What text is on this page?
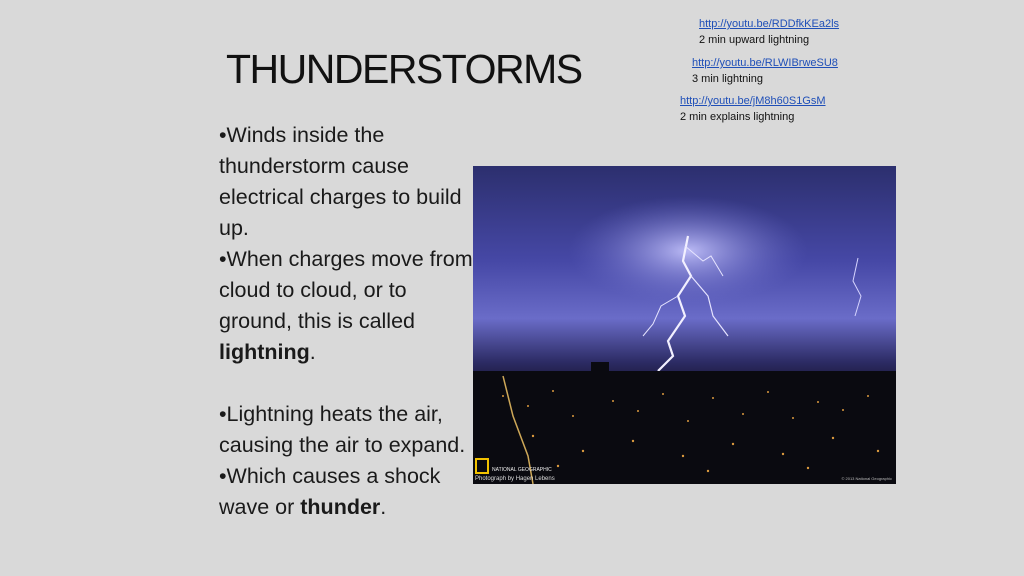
THUNDERSTORMS
http://youtu.be/RDDfkKEa2ls
2 min upward lightning
http://youtu.be/RLWIBrweSU8
3 min lightning
http://youtu.be/jM8h60S1GsM
2 min explains lightning

•Winds inside the thunderstorm cause electrical charges to build up.

•When charges move from cloud to cloud, or to ground, this is called lightning.

•Lightning heats the air, causing the air to expand.

•Which causes a shock wave or thunder.

NATIONAL GEOGRAPHIC
Photograph by Hagen Lebens	© 2013 National Geographic
